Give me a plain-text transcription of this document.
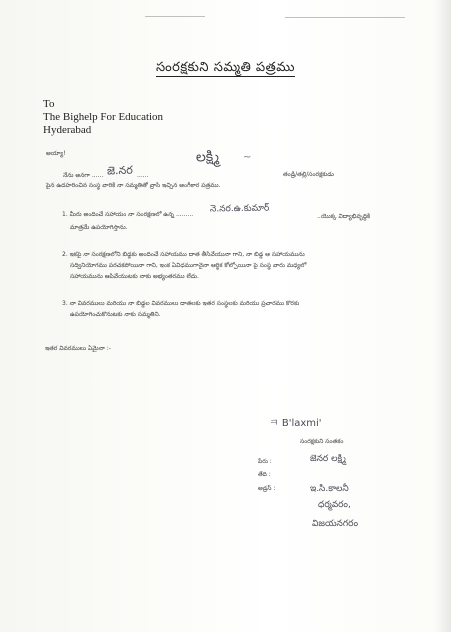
సంరక్షకుని సమ్మతి పత్రము
To
The Bighelp For Education
Hyderabad
అయ్యా!
నేను అనగా ...... జె.నర ......
లక్ష్మి ~
తండ్రి/తల్లి/సంరక్షకుడు
పైన ఉదహరించిన సంస్థ వారికి నా సమ్మతితో వ్రాసి ఇచ్చిన అంగీకార పత్రము.
1. మీరు అందించే సహాయం నా సంరక్షణలో ఉన్న ......... నె.నర.ఉ.కుమార్
..యొక్క విద్యాభివృద్ధికి
మాత్రమే ఉపయోగిస్తాను.
2. ఇకపై నా సంరక్షణలోని బిడ్డకు అందించే సహాయము దాత తీసివేయునా గాని, నా బిడ్డ ఆ సహాయమును
సద్వినియోగము పరచకపోయినా గాని, ఇంక ఏవిధముగానైనా ఆర్థిక కోల్పోయినా పై సంస్థ వారు మధ్యలో
సహాయమును ఆపివేయుటకు నాకు అభ్యంతరము లేదు.
3. నా వివరములు మరియు నా బిడ్డల వివరములు దాతలకు ఇతర సంస్థలకు మరియు ప్రచారము కొరకు
ఉపయోగించుకొనుటకు నాకు సమ్మతిని.
ఇతర వివరములు ఏమైనా :-
ㅋ B'laxmi'
సంరక్షకుని సంతకం
పేరు :	జెనర లక్ష్మి
తేది :
అడ్రస్ :	ఇ.సి.కాలనీ
ధర్మవరం,
విజయనగరం
